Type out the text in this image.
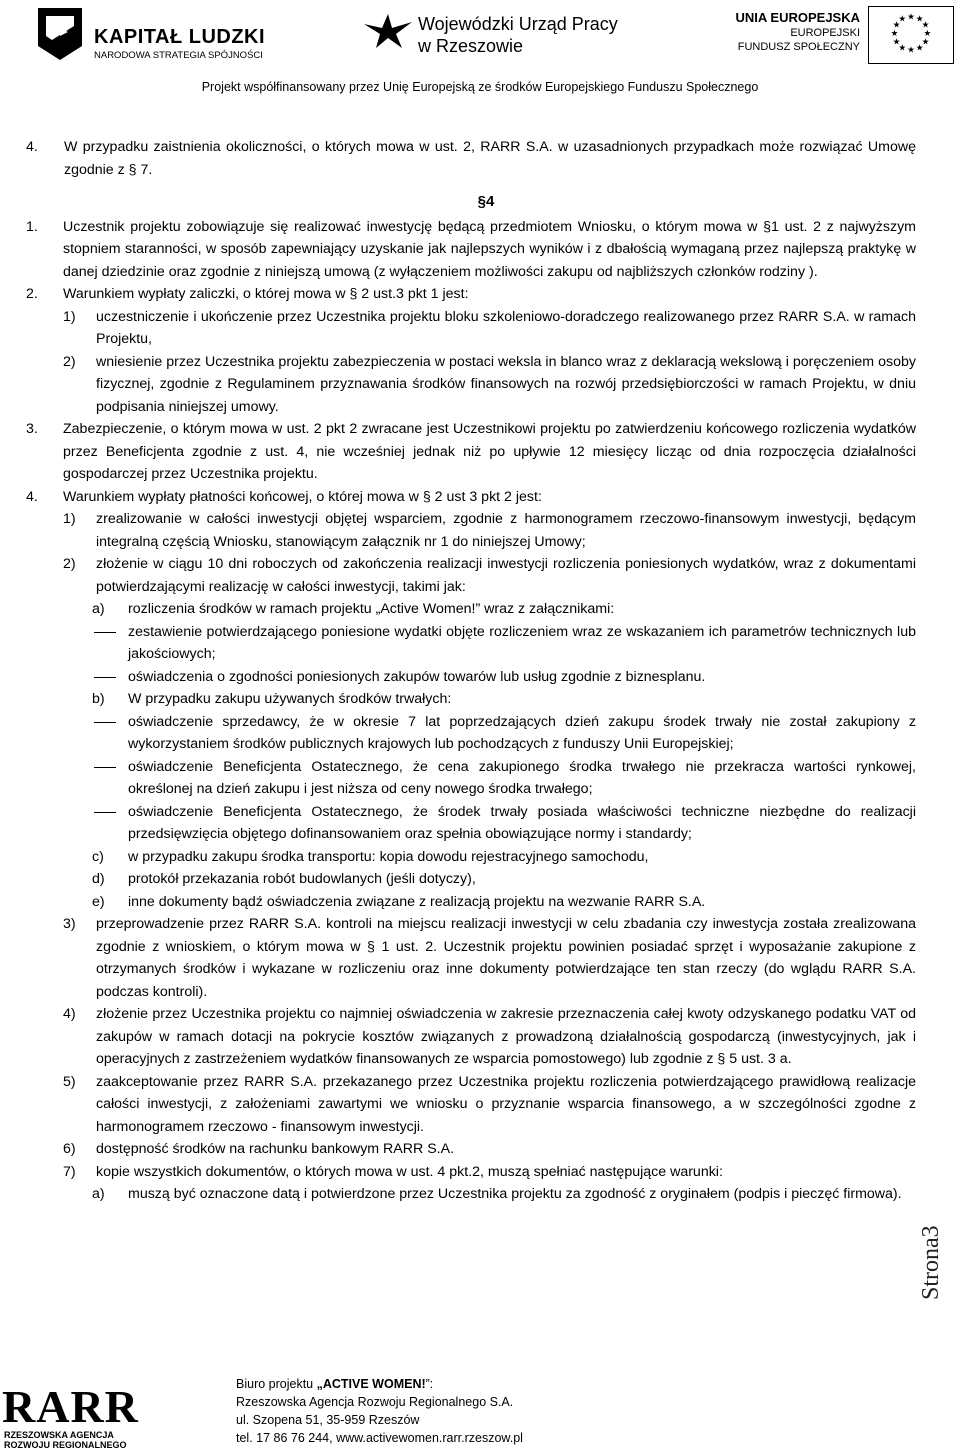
KAPITAŁ LUDZKI
NARODOWA STRATEGIA SPÓJNOŚCI
Wojewódzki Urząd Pracy
w Rzeszowie
UNIA EUROPEJSKA
EUROPEJSKI
FUNDUSZ SPOŁECZNY
★ ★
★
★
★
★
★
★
★
★
★
★
Projekt współfinansowany przez Unię Europejską ze środków Europejskiego Funduszu Społecznego
4. W przypadku zaistnienia okoliczności, o których mowa w ust. 2, RARR S.A. w uzasadnionych przypadkach może rozwiązać Umowę zgodnie z § 7.
§4
1. Uczestnik projektu zobowiązuje się realizować inwestycję będącą przedmiotem Wniosku, o którym mowa w §1 ust. 2 z najwyższym stopniem staranności, w sposób zapewniający uzyskanie jak najlepszych wyników i z dbałością wymaganą przez najlepszą praktykę w danej dziedzinie oraz zgodnie z niniejszą umową (z wyłączeniem możliwości zakupu od najbliższych członków rodziny ).
2. Warunkiem wypłaty zaliczki, o której mowa w § 2 ust.3 pkt 1 jest:
1) uczestniczenie i ukończenie przez Uczestnika projektu bloku szkoleniowo-doradczego realizowanego przez RARR S.A. w ramach Projektu,
2) wniesienie przez Uczestnika projektu zabezpieczenia w postaci weksla in blanco wraz z deklaracją wekslową i poręczeniem osoby fizycznej, zgodnie z Regulaminem przyznawania środków finansowych na rozwój przedsiębiorczości w ramach Projektu, w dniu podpisania niniejszej umowy.
3. Zabezpieczenie, o którym mowa w ust. 2 pkt 2 zwracane jest Uczestnikowi projektu po zatwierdzeniu końcowego rozliczenia wydatków przez Beneficjenta zgodnie z ust. 4, nie wcześniej jednak niż po upływie 12 miesięcy licząc od dnia rozpoczęcia działalności gospodarczej przez Uczestnika projektu.
4. Warunkiem wypłaty płatności końcowej, o której mowa w § 2 ust 3 pkt 2 jest:
1) zrealizowanie w całości inwestycji objętej wsparciem, zgodnie z harmonogramem rzeczowo-finansowym inwestycji, będącym integralną częścią Wniosku, stanowiącym załącznik nr 1 do niniejszej Umowy;
2) złożenie w ciągu 10 dni roboczych od zakończenia realizacji inwestycji rozliczenia poniesionych wydatków, wraz z dokumentami potwierdzającymi realizację w całości inwestycji, takimi jak:
a) rozliczenia środków w ramach projektu „Active Women!” wraz z załącznikami:
zestawienie potwierdzającego poniesione wydatki objęte rozliczeniem wraz ze wskazaniem ich parametrów technicznych lub jakościowych;
oświadczenia o zgodności poniesionych zakupów towarów lub usług zgodnie z biznesplanu.
b) W przypadku zakupu używanych środków trwałych:
oświadczenie sprzedawcy, że w okresie 7 lat poprzedzających dzień zakupu środek trwały nie został zakupiony z wykorzystaniem środków publicznych krajowych lub pochodzących z funduszy Unii Europejskiej;
oświadczenie Beneficjenta Ostatecznego, że cena zakupionego środka trwałego nie przekracza wartości rynkowej, określonej na dzień zakupu i jest niższa od ceny nowego środka trwałego;
oświadczenie Beneficjenta Ostatecznego, że środek trwały posiada właściwości techniczne niezbędne do realizacji przedsięwzięcia objętego dofinansowaniem oraz spełnia obowiązujące normy i standardy;
c) w przypadku zakupu środka transportu: kopia dowodu rejestracyjnego samochodu,
d) protokół przekazania robót budowlanych (jeśli dotyczy),
e) inne dokumenty bądź oświadczenia związane z realizacją projektu na wezwanie RARR S.A.
3) przeprowadzenie przez RARR S.A. kontroli na miejscu realizacji inwestycji w celu zbadania czy inwestycja została zrealizowana zgodnie z wnioskiem, o którym mowa w § 1 ust. 2. Uczestnik projektu powinien posiadać sprzęt i wyposażanie zakupione z otrzymanych środków i wykazane w rozliczeniu oraz inne dokumenty potwierdzające ten stan rzeczy (do wglądu RARR S.A. podczas kontroli).
4) złożenie przez Uczestnika projektu co najmniej oświadczenia w zakresie przeznaczenia całej kwoty odzyskanego podatku VAT od zakupów w ramach dotacji na pokrycie kosztów związanych z prowadzoną działalnością gospodarczą (inwestycyjnych, jak i operacyjnych z zastrzeżeniem wydatków finansowanych ze wsparcia pomostowego) lub zgodnie z § 5 ust. 3 a.
5) zaakceptowanie przez RARR S.A. przekazanego przez Uczestnika projektu rozliczenia potwierdzającego prawidłową realizacje całości inwestycji, z założeniami zawartymi we wniosku o przyznanie wsparcia finansowego, a w szczególności zgodne z harmonogramem rzeczowo - finansowym inwestycji.
6) dostępność środków na rachunku bankowym RARR S.A.
7) kopie wszystkich dokumentów, o których mowa w ust. 4 pkt.2, muszą spełniać następujące warunki:
a) muszą być oznaczone datą i potwierdzone przez Uczestnika projektu za zgodność z oryginałem (podpis i pieczęć firmowa).
Strona3
RARR
RZESZOWSKA AGENCJA
ROZWOJU REGIONALNEGO
Biuro projektu „ACTIVE WOMEN!”:
Rzeszowska Agencja Rozwoju Regionalnego S.A.
ul. Szopena 51, 35-959 Rzeszów
tel. 17 86 76 244, www.activewomen.rarr.rzeszow.pl
